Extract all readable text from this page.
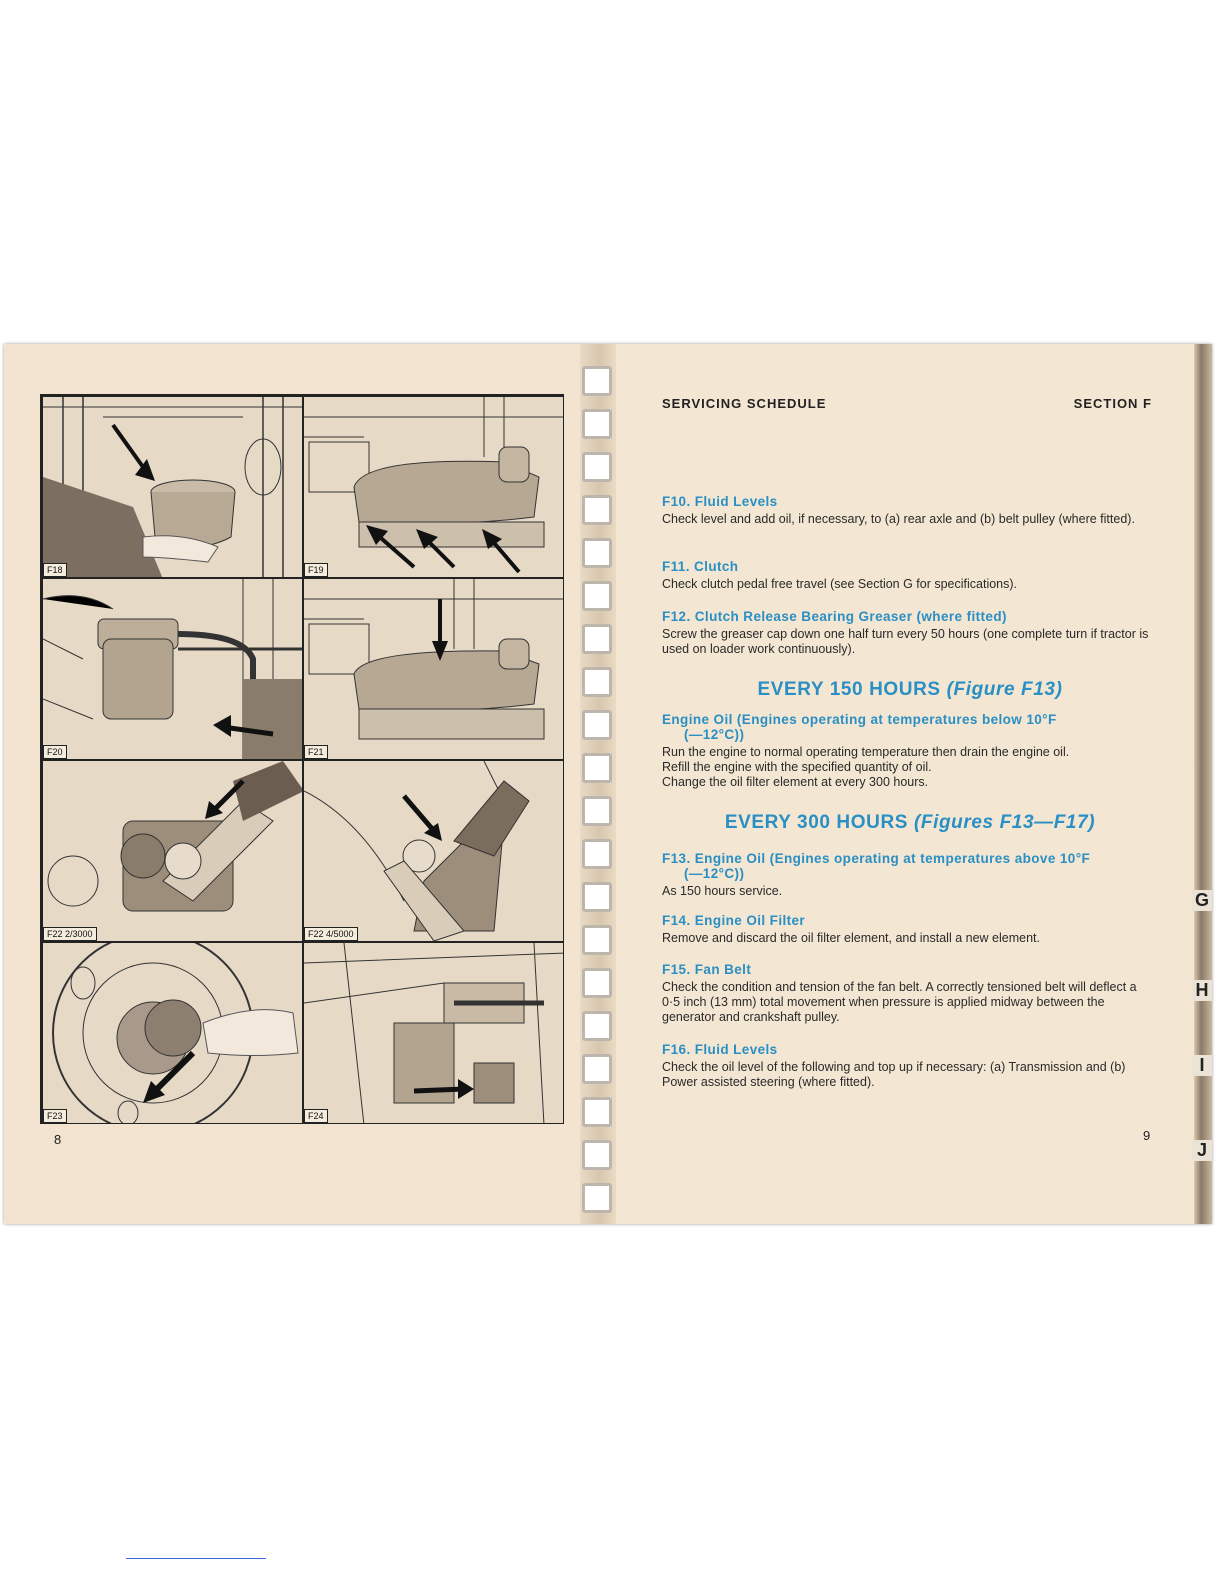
F18	F19
F20	F21
F22 2/3000	F22 4/5000
F23	F24
8
SERVICING SCHEDULE	SECTION F
F10. Fluid Levels

Check level and add oil, if necessary, to (a) rear axle and (b) belt pulley (where fitted).

F11. Clutch

Check clutch pedal free travel (see Section G for specifications).

F12. Clutch Release Bearing Greaser (where fitted)

Screw the greaser cap down one half turn every 50 hours (one complete turn if tractor is used on loader work continuously).

EVERY 150 HOURS (Figure F13)
Engine Oil (Engines operating at temperatures below 10°F
(—12°C))

Run the engine to normal operating temperature then drain the engine oil.

Refill the engine with the specified quantity of oil.

Change the oil filter element at every 300 hours.

EVERY 300 HOURS (Figures F13—F17)
F13. Engine Oil (Engines operating at temperatures above 10°F
(—12°C))

As 150 hours service.

F14. Engine Oil Filter

Remove and discard the oil filter element, and install a new element.

F15. Fan Belt

Check the condition and tension of the fan belt. A correctly tensioned belt will deflect a 0·5 inch (13 mm) total movement when pressure is applied midway between the generator and crankshaft pulley.

F16. Fluid Levels

Check the oil level of the following and top up if necessary: (a) Transmission and (b) Power assisted steering (where fitted).

9
G
H
I
J
